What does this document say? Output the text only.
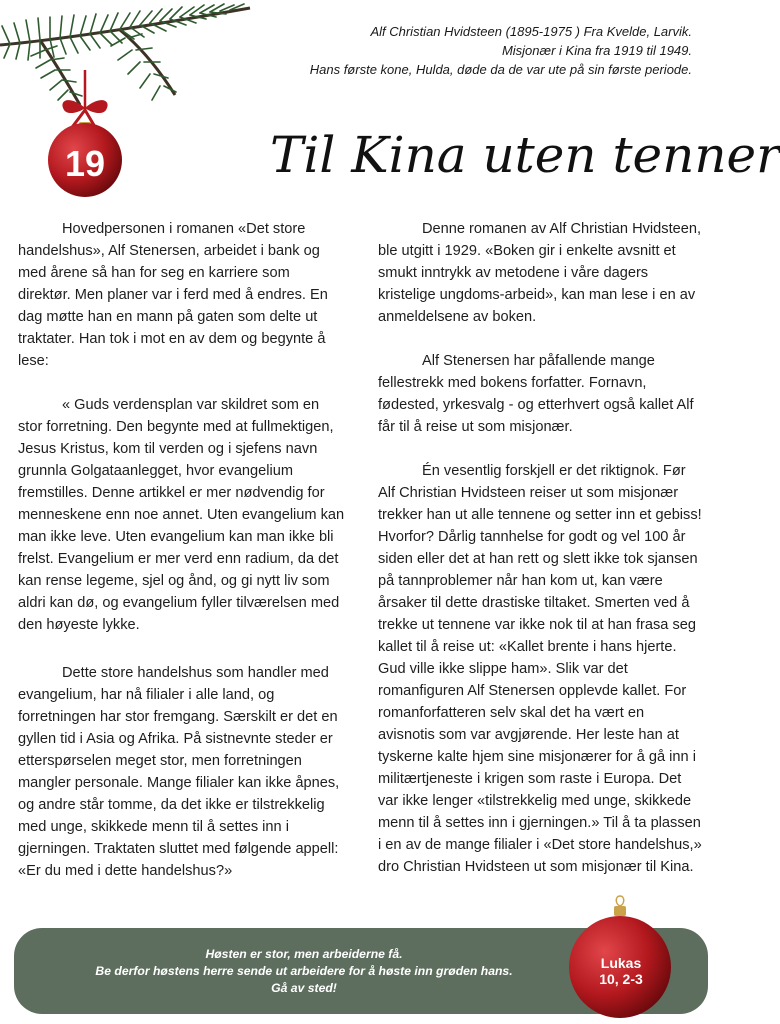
19
Alf Christian Hvidsteen (1895-1975 ) Fra Kvelde, Larvik.
Misjonær i Kina fra 1919 til 1949.
Hans første kone, Hulda, døde da de var ute på sin første periode.
Til Kina uten tenner

Hovedpersonen i romanen «Det store handelshus», Alf Stenersen, arbeidet i bank og med årene så han for seg en karriere som direktør. Men planer var i ferd med å endres. En dag møtte han en mann på gaten som delte ut traktater. Han tok i mot en av dem og begynte å lese:

« Guds verdensplan var skildret som en stor forretning. Den begynte med at fullmektigen, Jesus Kristus, kom til verden og i sjefens navn grunnla Golgataanlegget, hvor evangelium fremstilles. Denne artikkel er mer nødvendig for menneskene enn noe annet. Uten evangelium kan man ikke leve. Uten evangelium kan man ikke bli frelst. Evangelium er mer verd enn radium, da det kan rense legeme, sjel og ånd, og gi nytt liv som aldri kan dø, og evangelium fyller tilværelsen med den høyeste lykke.

Dette store handelshus som handler med evangelium, har nå filialer i alle land, og forretningen har stor fremgang. Særskilt er det en gyllen tid i Asia og Afrika. På sistnevnte steder er etterspørselen meget stor, men forretningen mangler personale. Mange filialer kan ikke åpnes, og andre står tomme, da det ikke er tilstrekkelig med unge, skikkede menn til å settes inn i gjerningen. Traktaten sluttet med følgende appell: «Er du med i dette handelshus?»

Denne romanen av Alf Christian Hvidsteen, ble utgitt i 1929. «Boken gir i enkelte avsnitt et smukt inntrykk av metodene i våre dagers kristelige ungdoms-arbeid», kan man lese i en av anmeldelsene av boken.

Alf Stenersen har påfallende mange fellestrekk med bokens forfatter. Fornavn, fødested, yrkesvalg - og etterhvert også kallet Alf får til å reise ut som misjonær.

Én vesentlig forskjell er det riktignok. Før Alf Christian Hvidsteen reiser ut som misjonær trekker han ut alle tennene og setter inn et gebiss! Hvorfor? Dårlig tannhelse for godt og vel 100 år siden eller det at han rett og slett ikke tok sjansen på tannproblemer når han kom ut, kan være årsaker til dette drastiske tiltaket. Smerten ved å trekke ut tennene var ikke nok til at han frasa seg kallet til å reise ut: «Kallet brente i hans hjerte. Gud ville ikke slippe ham». Slik var det romanfiguren Alf Stenersen opplevde kallet. For romanforfatteren selv skal det ha vært en avisnotis som var avgjørende. Her leste han at tyskerne kalte hjem sine misjonærer for å gå inn i militærtjeneste i krigen som raste i Europa. Det var ikke lenger «tilstrekkelig med unge, skikkede menn til å settes inn i gjerningen.» Til å ta plassen i en av de mange filialer i «Det store handelshus,» dro Christian Hvidsteen ut som misjonær til Kina.

Høsten er stor, men arbeiderne få.
Be derfor høstens herre sende ut arbeidere for å høste inn grøden hans.
Gå av sted!
Lukas
10, 2-3
